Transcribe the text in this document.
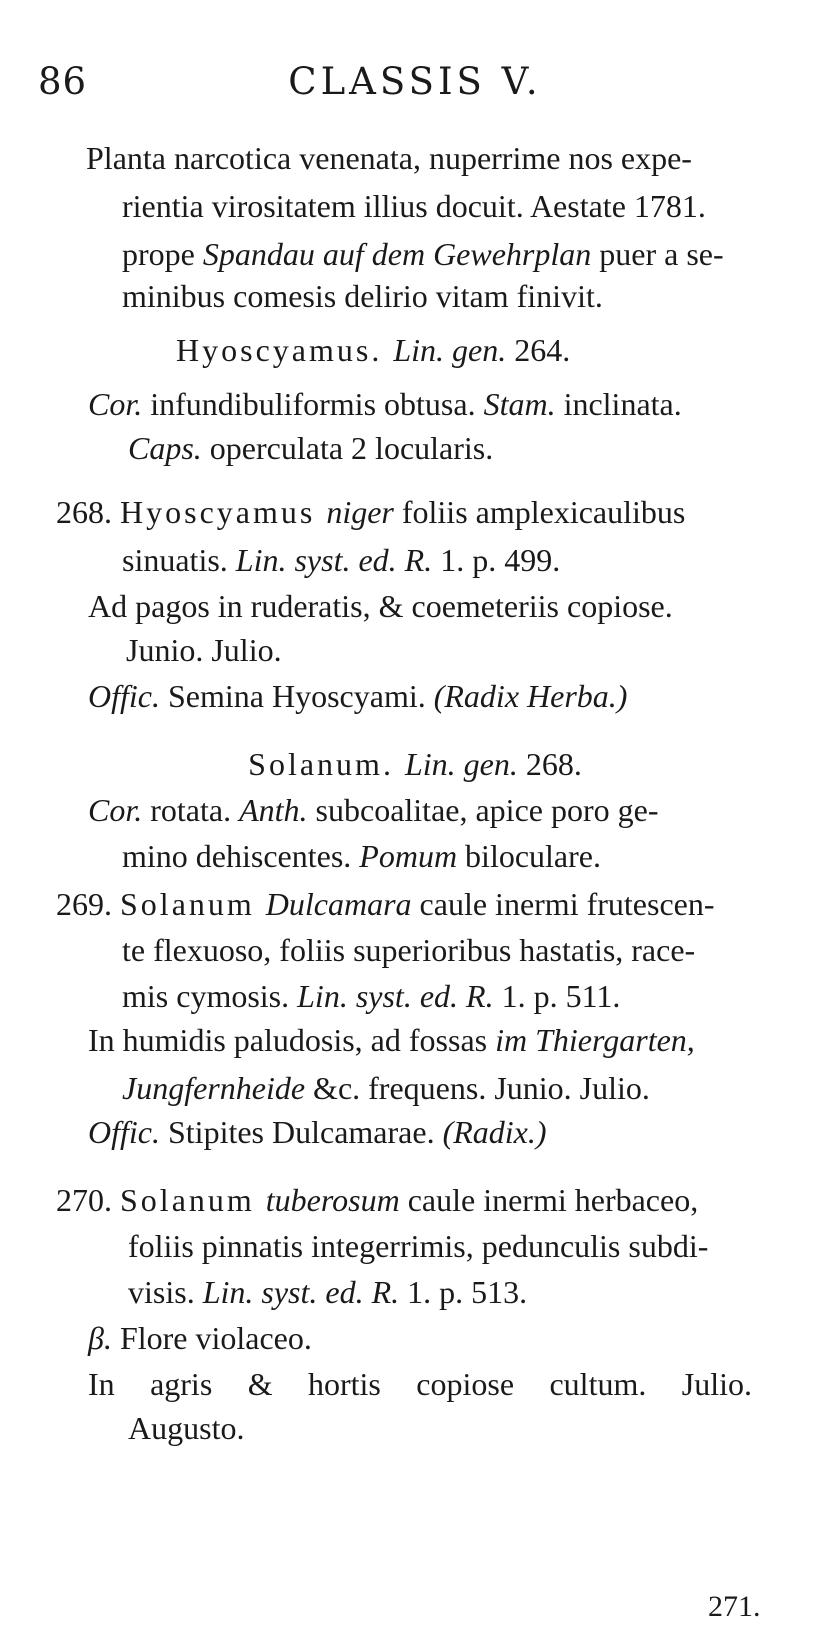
86	CLASSIS V.
Planta narcotica venenata, nuperrime nos expe-
rientia virositatem illius docuit. Aestate 1781.
prope Spandau auf dem Gewehrplan puer a se-
minibus comesis delirio vitam finivit.
Hyoscyamus. Lin. gen. 264.
Cor. infundibuliformis obtusa. Stam. inclinata.
Caps. operculata 2 locularis.
268. Hyoscyamus niger foliis amplexicaulibus
sinuatis. Lin. syst. ed. R. 1. p. 499.
Ad pagos in ruderatis, & coemeteriis copiose.
Junio. Julio.
Offic. Semina Hyoscyami. (Radix Herba.)
Solanum. Lin. gen. 268.
Cor. rotata. Anth. subcoalitae, apice poro ge-
mino dehiscentes. Pomum biloculare.
269. Solanum Dulcamara caule inermi frutescen-
te flexuoso, foliis superioribus hastatis, race-
mis cymosis. Lin. syst. ed. R. 1. p. 511.
In humidis paludosis, ad fossas im Thiergarten,
Jungfernheide &c. frequens. Junio. Julio.
Offic. Stipites Dulcamarae. (Radix.)
270. Solanum tuberosum caule inermi herbaceo,
foliis pinnatis integerrimis, pedunculis subdi-
visis. Lin. syst. ed. R. 1. p. 513.
β. Flore violaceo.
In agris & hortis copiose cultum. Julio.
Augusto.
271.
